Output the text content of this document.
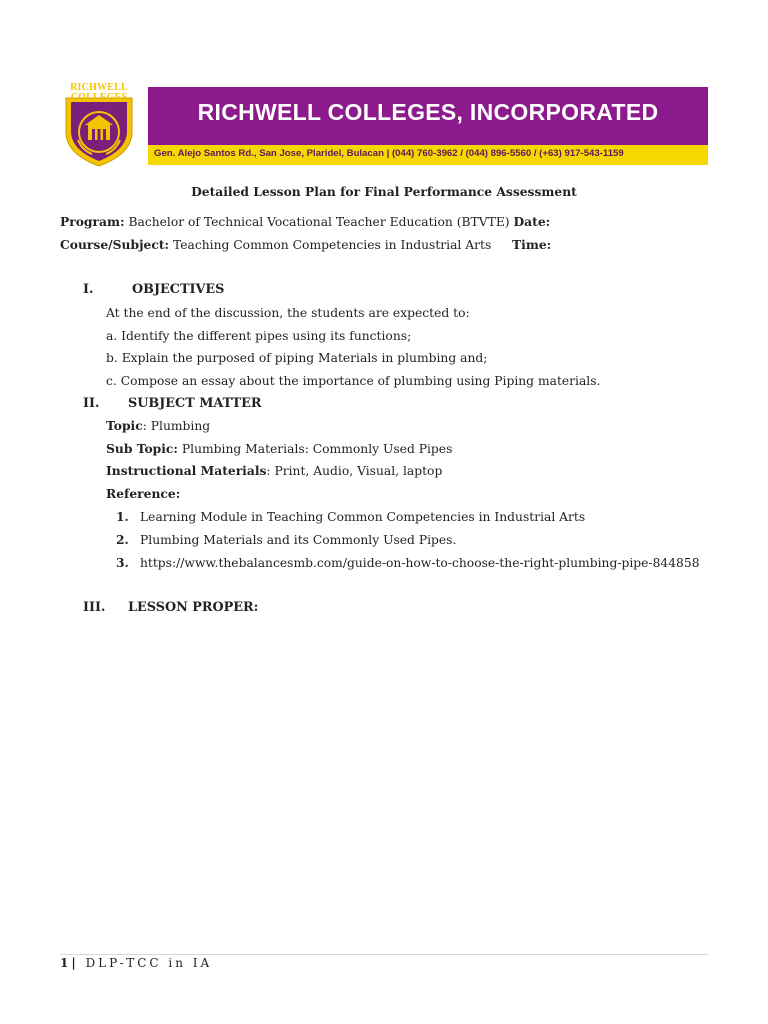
RICHWELL
COLLEGES
RICHWELL COLLEGES, INCORPORATED
Gen. Alejo Santos Rd., San Jose, Plaridel, Bulacan | (044) 760-3962 / (044) 896-5560 / (+63) 917-543-1159
Detailed Lesson Plan for Final Performance Assessment
Program: Bachelor of Technical Vocational Teacher Education (BTVTE) Date:
Course/Subject: Teaching Common Competencies in Industrial Arts Time:
I.	OBJECTIVES
At the end of the discussion, the students are expected to:
a. Identify the different pipes using its functions;
b. Explain the purposed of piping Materials in plumbing and;
c. Compose an essay about the importance of plumbing using Piping materials.
II. SUBJECT MATTER
Topic: Plumbing
Sub Topic: Plumbing Materials: Commonly Used Pipes
Instructional Materials: Print, Audio, Visual, laptop
Reference:
1. Learning Module in Teaching Common Competencies in Industrial Arts
2. Plumbing Materials and its Commonly Used Pipes.
3. https://www.thebalancesmb.com/guide-on-how-to-choose-the-right-plumbing-pipe-844858
III. LESSON PROPER:
1| DLP-TCC in IA
